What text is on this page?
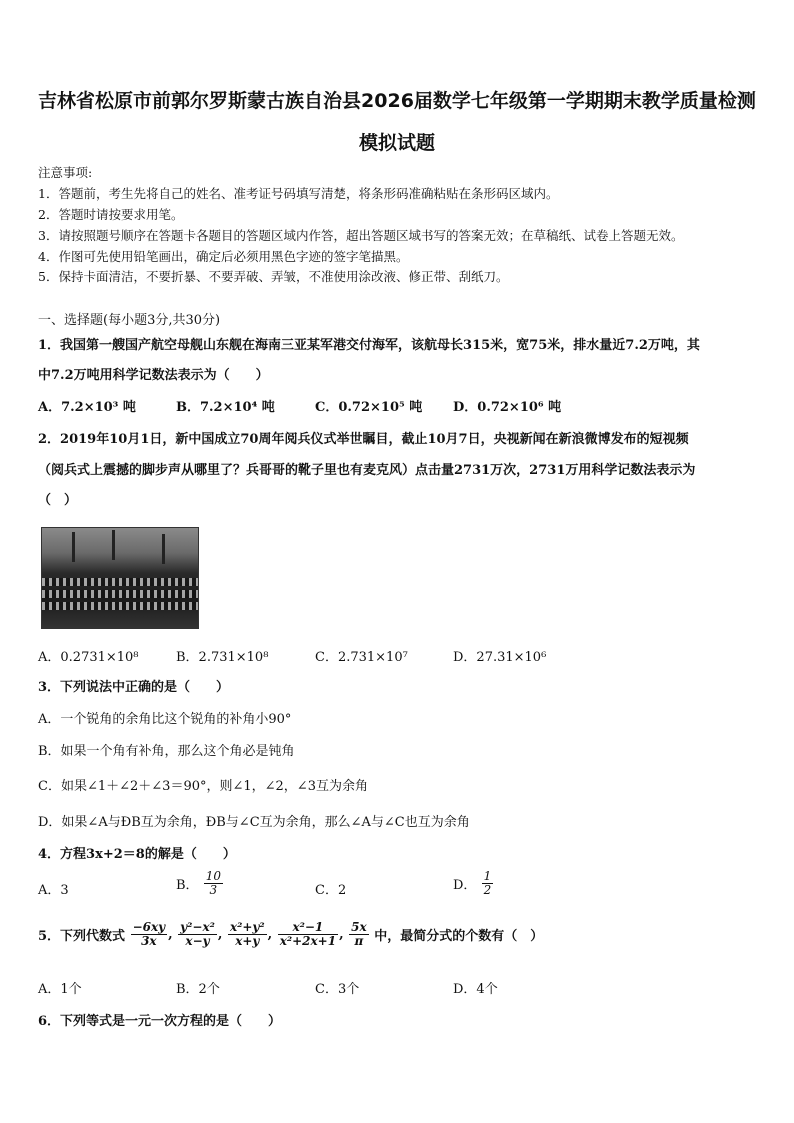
吉林省松原市前郭尔罗斯蒙古族自治县2026届数学七年级第一学期期末教学质量检测
模拟试题
注意事项:
1．答题前，考生先将自己的姓名、准考证号码填写清楚，将条形码准确粘贴在条形码区域内。
2．答题时请按要求用笔。
3．请按照题号顺序在答题卡各题目的答题区域内作答，超出答题区域书写的答案无效；在草稿纸、试卷上答题无效。
4．作图可先使用铅笔画出，确定后必须用黑色字迹的签字笔描黑。
5．保持卡面清洁，不要折暴、不要弄破、弄皱，不准使用涂改液、修正带、刮纸刀。
一、选择题(每小题3分,共30分)
1．我国第一艘国产航空母舰山东舰在海南三亚某军港交付海军，该航母长315米，宽75米，排水量近7.2万吨，其
中7.2万吨用科学记数法表示为（　　）
A．7.2×10³ 吨	B．7.2×10⁴ 吨	C．0.72×10⁵ 吨 D．0.72×10⁶ 吨
2．2019年10月1日，新中国成立70周年阅兵仪式举世瞩目，截止10月7日，央视新闻在新浪微博发布的短视频
（阅兵式上震撼的脚步声从哪里了？兵哥哥的靴子里也有麦克风）点击量2731万次，2731万用科学记数法表示为
（　）
A．0.2731×10⁸	B．2.731×10⁸	C．2.731×10⁷	D．27.31×10⁶
3．下列说法中正确的是（　　）
A．一个锐角的余角比这个锐角的补角小90°
B．如果一个角有补角，那么这个角必是钝角
C．如果∠1＋∠2＋∠3＝90°，则∠1，∠2，∠3互为余角
D．如果∠A与ÐB互为余角，ÐB与∠C互为余角，那么∠A与∠C也互为余角
4．方程3x+2＝8的解是（　　）
A．3	B． $\frac{10}{3}$	C．2	D． $\frac{1}{2}$
5．下列代数式 $\frac{-6xy}{3x}$ , $\frac{\text{y²−x²}}{x-y}$ , $\frac{\text{x²+y²}}{x+y}$ , $\frac{\text{x²−1}}{\text{x²+2x+1}}$ , $\frac{5x}{\pi}$ 中，最简分式的个数有（　）
A．1个	B．2个	C．3个	D．4个
6．下列等式是一元一次方程的是（　　）
